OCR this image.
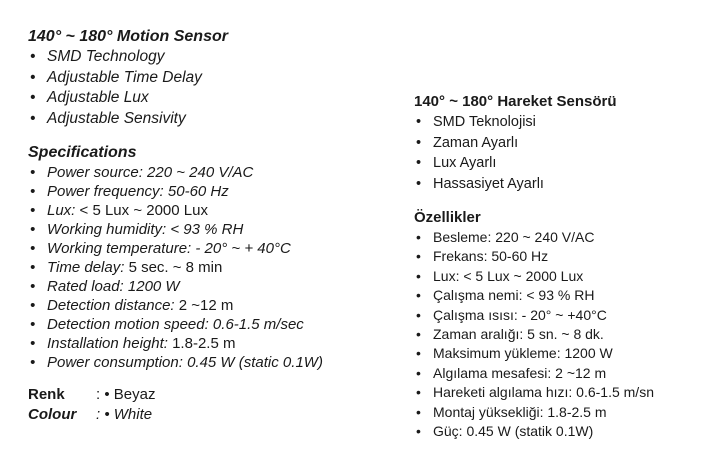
140° ~ 180° Motion Sensor
• SMD Technology
• Adjustable Time Delay
• Adjustable Lux
• Adjustable Sensivity
Specifications
• Power source: 220 ~ 240 V/AC
• Power frequency: 50-60 Hz
• Lux: < 5 Lux ~ 2000 Lux
• Working humidity: < 93 % RH
• Working temperature: - 20° ~ + 40°C
• Time delay: 5 sec. ~ 8 min
• Rated load: 1200 W
• Detection distance: 2 ~12 m
• Detection motion speed: 0.6-1.5 m/sec
• Installation height: 1.8-2.5 m
• Power consumption: 0.45 W (static 0.1W)
Renk	: • Beyaz
Colour	: • White
140° ~ 180° Hareket Sensörü
• SMD Teknolojisi
• Zaman Ayarlı
• Lux Ayarlı
• Hassasiyet Ayarlı
Özellikler
• Besleme: 220 ~ 240 V/AC
• Frekans: 50-60 Hz
• Lux: < 5 Lux ~ 2000 Lux
• Çalışma nemi: < 93 % RH
• Çalışma ısısı: - 20° ~ +40°C
• Zaman aralığı: 5 sn. ~ 8 dk.
• Maksimum yükleme: 1200 W
• Algılama mesafesi: 2 ~12 m
• Hareketi algılama hızı: 0.6-1.5 m/sn
• Montaj yüksekliği: 1.8-2.5 m
• Güç: 0.45 W (statik 0.1W)
